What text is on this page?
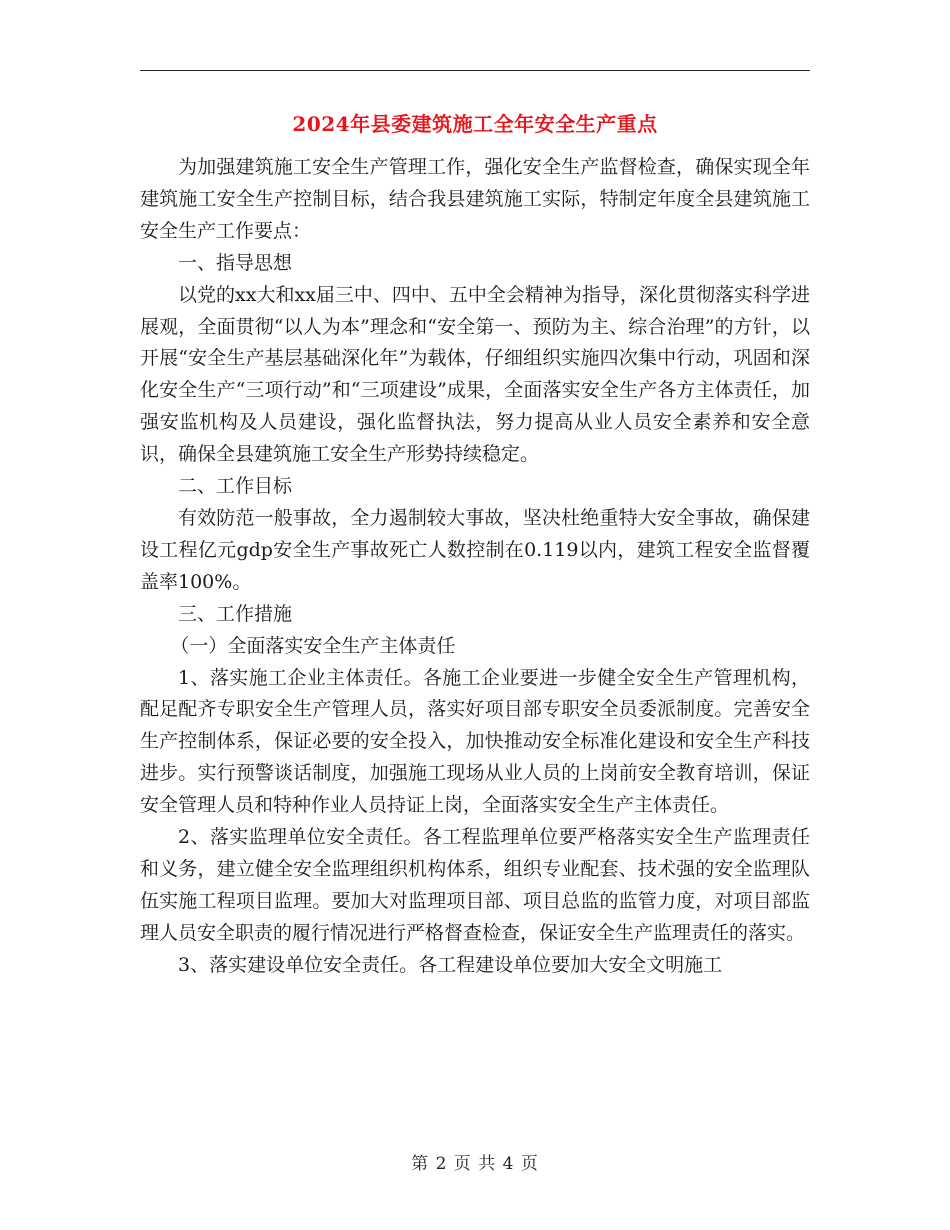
2024年县委建筑施工全年安全生产重点

为加强建筑施工安全生产管理工作，强化安全生产监督检查，确保实现全年建筑施工安全生产控制目标，结合我县建筑施工实际，特制定年度全县建筑施工安全生产工作要点：

一、指导思想

以党的xx大和xx届三中、四中、五中全会精神为指导，深化贯彻落实科学进展观，全面贯彻“以人为本”理念和“安全第一、预防为主、综合治理”的方针，以开展“安全生产基层基础深化年”为载体，仔细组织实施四次集中行动，巩固和深化安全生产“三项行动”和“三项建设”成果，全面落实安全生产各方主体责任，加强安监机构及人员建设，强化监督执法，努力提高从业人员安全素养和安全意识，确保全县建筑施工安全生产形势持续稳定。

二、工作目标

有效防范一般事故，全力遏制较大事故，坚决杜绝重特大安全事故，确保建设工程亿元gdp安全生产事故死亡人数控制在0.119以内，建筑工程安全监督覆盖率100%。

三、工作措施

（一）全面落实安全生产主体责任

1、落实施工企业主体责任。各施工企业要进一步健全安全生产管理机构，配足配齐专职安全生产管理人员，落实好项目部专职安全员委派制度。完善安全生产控制体系，保证必要的安全投入，加快推动安全标准化建设和安全生产科技进步。实行预警谈话制度，加强施工现场从业人员的上岗前安全教育培训，保证安全管理人员和特种作业人员持证上岗，全面落实安全生产主体责任。

2、落实监理单位安全责任。各工程监理单位要严格落实安全生产监理责任和义务，建立健全安全监理组织机构体系，组织专业配套、技术强的安全监理队伍实施工程项目监理。要加大对监理项目部、项目总监的监管力度，对项目部监理人员安全职责的履行情况进行严格督查检查，保证安全生产监理责任的落实。

3、落实建设单位安全责任。各工程建设单位要加大安全文明施工

第 2 页 共 4 页
